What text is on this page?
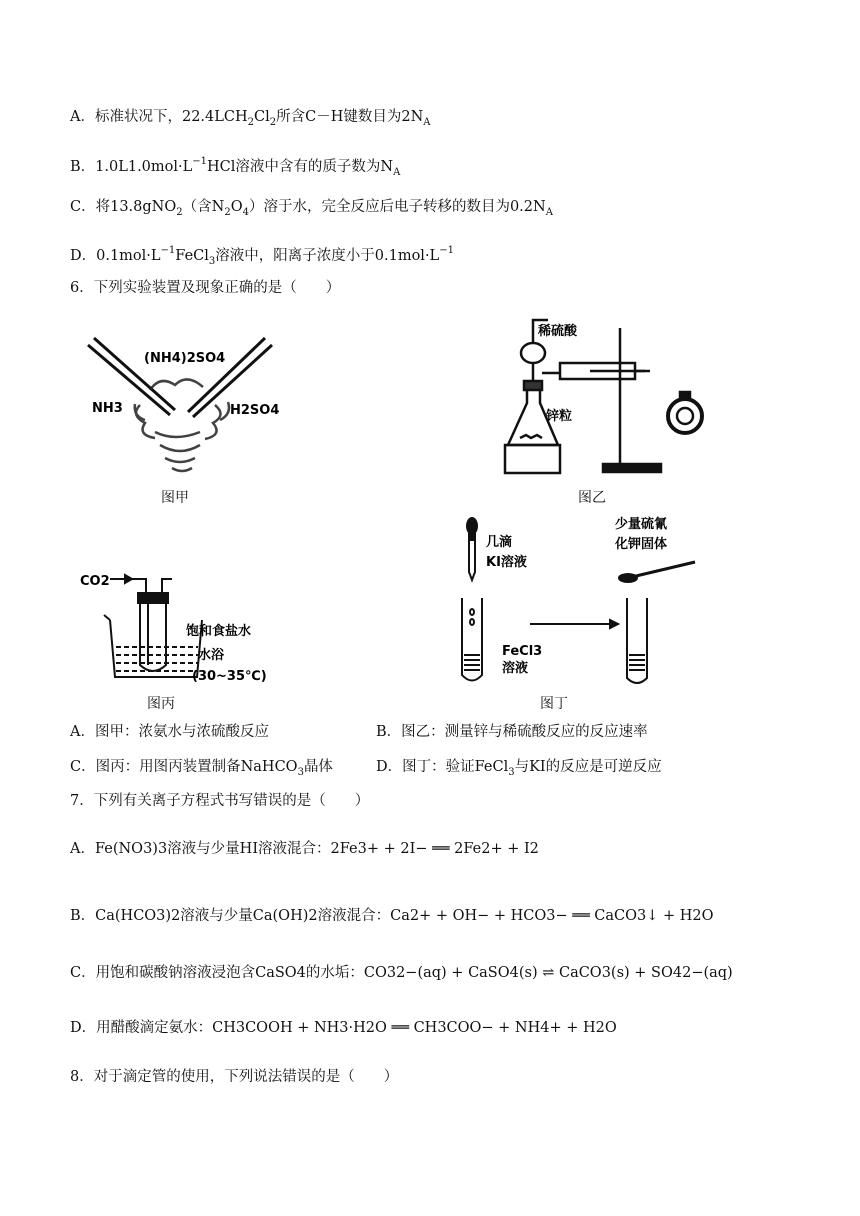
A．标准状况下，$22.4LCH_2Cl_2$所含C－H键数目为$2N_A$
B．$1.0L1.0mol\cdot L^{-1}HCl$溶液中含有的质子数为$N_A$
C．将13.8gNO$_2$（含$N_2O_4$）溶于水，完全反应后电子转移的数目为$0.2N_A$
D．$0.1mol\cdot L^{-1}FeCl_3$溶液中，阳离子浓度小于$0.1mol\cdot L^{-1}$
6．下列实验装置及现象正确的是（　　）
(NH4)2SO4
NH3	H2SO4
图甲
稀硫酸
锌粒
图乙
CO2
饱和食盐水
水浴
(30~35℃)
图丙
几滴
KI溶液
少量硫氰
化钾固体
FeCl3
溶液
图丁
A．图甲：浓氨水与浓硫酸反应	B．图乙：测量锌与稀硫酸反应的反应速率
C．图丙：用图丙装置制备NaHCO$_3$晶体	D．图丁：验证FeCl$_3$与KI的反应是可逆反应
7．下列有关离子方程式书写错误的是（　　）
A．Fe(NO3)3溶液与少量HI溶液混合：2Fe3+ + 2I− ══ 2Fe2+ + I2
B．Ca(HCO3)2溶液与少量Ca(OH)2溶液混合：Ca2+ + OH− + HCO3− ══ CaCO3↓ + H2O
C．用饱和碳酸钠溶液浸泡含CaSO4的水垢：CO32−(aq) + CaSO4(s) ⇌ CaCO3(s) + SO42−(aq)
D．用醋酸滴定氨水：CH3COOH + NH3·H2O ══ CH3COO− + NH4+ + H2O
8．对于滴定管的使用，下列说法错误的是（　　）
